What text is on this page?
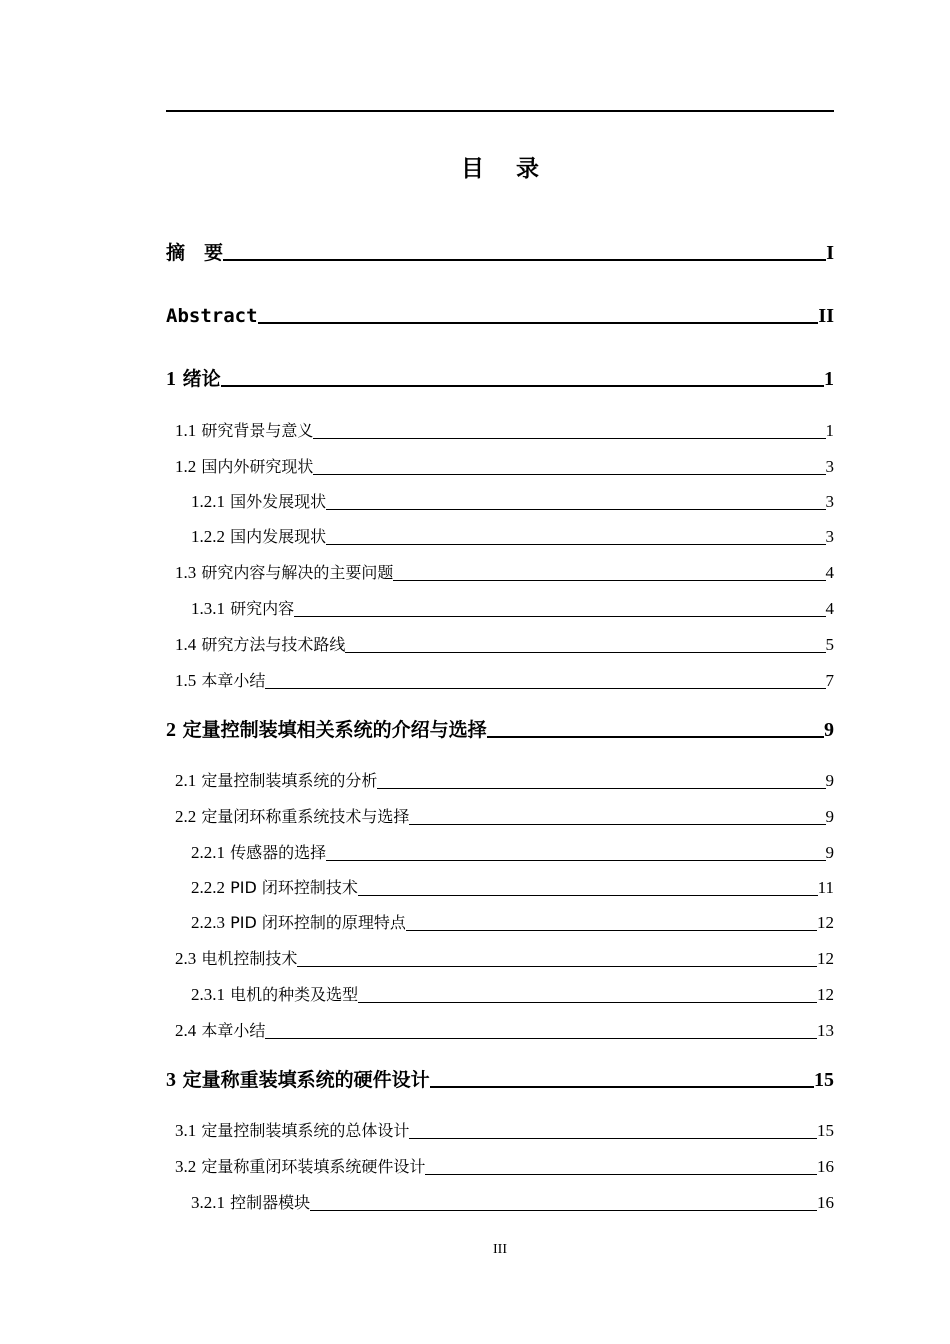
目 录
摘　要	I
Abstract	II
1 绪论	1
1.1 研究背景与意义	1
1.2 国内外研究现状	3
1.2.1 国外发展现状	3
1.2.2 国内发展现状	3
1.3 研究内容与解决的主要问题	4
1.3.1 研究内容	4
1.4 研究方法与技术路线	5
1.5 本章小结	7
2 定量控制装填相关系统的介绍与选择	9
2.1 定量控制装填系统的分析	9
2.2 定量闭环称重系统技术与选择	9
2.2.1 传感器的选择	9
2.2.2 PID 闭环控制技术	11
2.2.3 PID 闭环控制的原理特点	12
2.3 电机控制技术	12
2.3.1 电机的种类及选型	12
2.4 本章小结	13
3 定量称重装填系统的硬件设计	15
3.1 定量控制装填系统的总体设计	15
3.2 定量称重闭环装填系统硬件设计	16
3.2.1 控制器模块	16
III
